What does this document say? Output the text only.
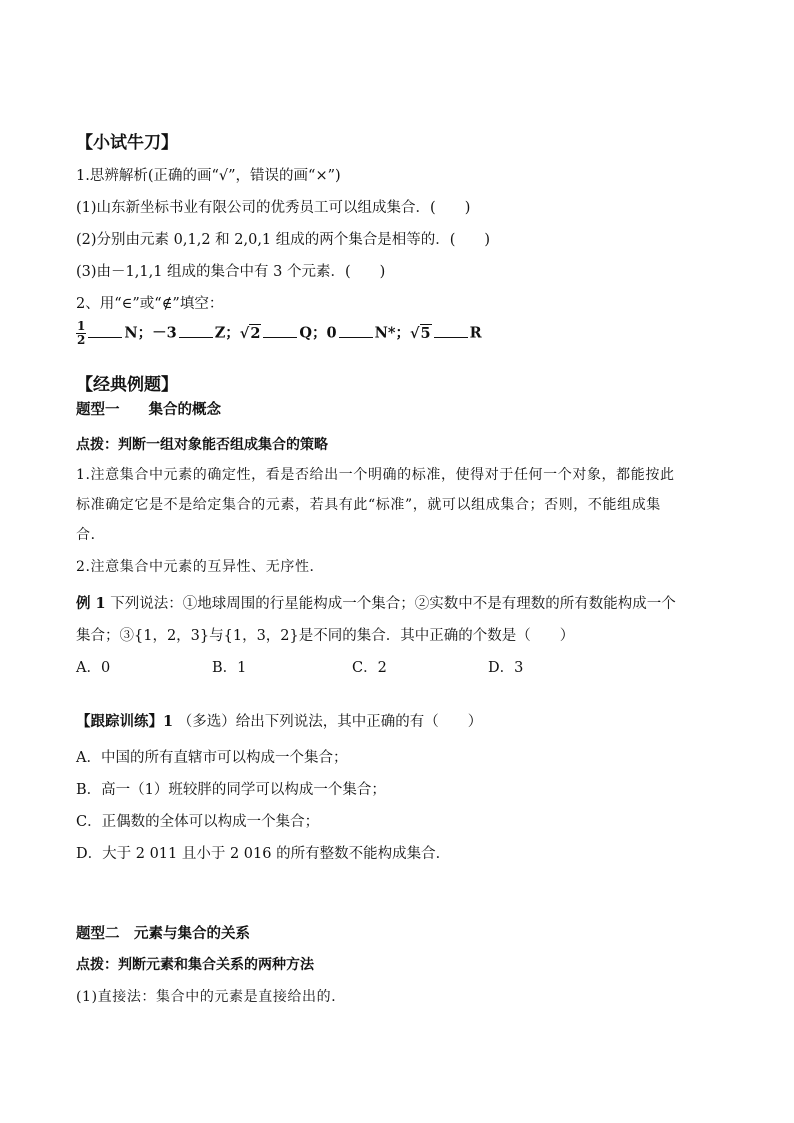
【小试牛刀】
1.思辨解析(正确的画“√”，错误的画“×”)
(1)山东新坐标书业有限公司的优秀员工可以组成集合．(　　)
(2)分别由元素 0,1,2 和 2,0,1 组成的两个集合是相等的．(　　)
(3)由－1,1,1 组成的集合中有 3 个元素．(　　)
2、用“∈”或“∉”填空：
$\frac{1}{2}$	N；－3	Z；√2	Q；0	N*；√5	R
【经典例题】
题型一　　集合的概念
点拨：判断一组对象能否组成集合的策略
1.注意集合中元素的确定性，看是否给出一个明确的标准，使得对于任何一个对象，都能按此
标准确定它是不是给定集合的元素，若具有此“标准”，就可以组成集合；否则，不能组成集
合．
2.注意集合中元素的互异性、无序性．
例 1 下列说法：①地球周围的行星能构成一个集合；②实数中不是有理数的所有数能构成一个
集合；③{1，2，3}与{1，3，2}是不同的集合．其中正确的个数是（　　）
A．0	B．1	C．2	D．3
【跟踪训练】1 （多选）给出下列说法，其中正确的有（　　）
A．中国的所有直辖市可以构成一个集合；
B．高一（1）班较胖的同学可以构成一个集合；
C．正偶数的全体可以构成一个集合；
D．大于 2 011 且小于 2 016 的所有整数不能构成集合．
题型二　元素与集合的关系
点拨：判断元素和集合关系的两种方法
(1)直接法：集合中的元素是直接给出的．
